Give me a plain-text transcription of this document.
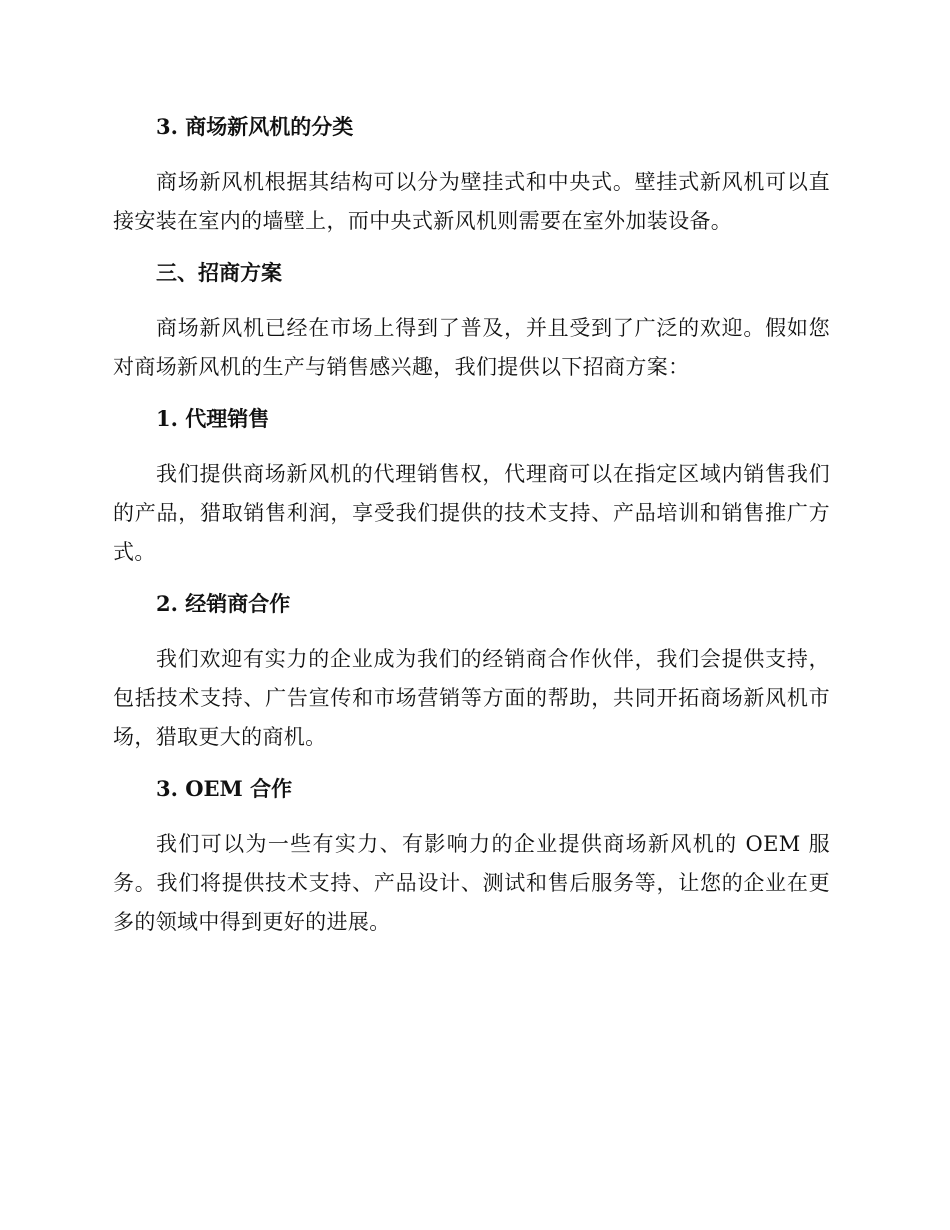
3. 商场新风机的分类

商场新风机根据其结构可以分为壁挂式和中央式。壁挂式新风机可以直接安装在室内的墙壁上，而中央式新风机则需要在室外加装设备。

三、招商方案

商场新风机已经在市场上得到了普及，并且受到了广泛的欢迎。假如您对商场新风机的生产与销售感兴趣，我们提供以下招商方案：

1. 代理销售

我们提供商场新风机的代理销售权，代理商可以在指定区域内销售我们的产品，猎取销售利润，享受我们提供的技术支持、产品培训和销售推广方式。

2. 经销商合作

我们欢迎有实力的企业成为我们的经销商合作伙伴，我们会提供支持，包括技术支持、广告宣传和市场营销等方面的帮助，共同开拓商场新风机市场，猎取更大的商机。

3. OEM 合作

我们可以为一些有实力、有影响力的企业提供商场新风机的 OEM 服务。我们将提供技术支持、产品设计、测试和售后服务等，让您的企业在更多的领域中得到更好的进展。
